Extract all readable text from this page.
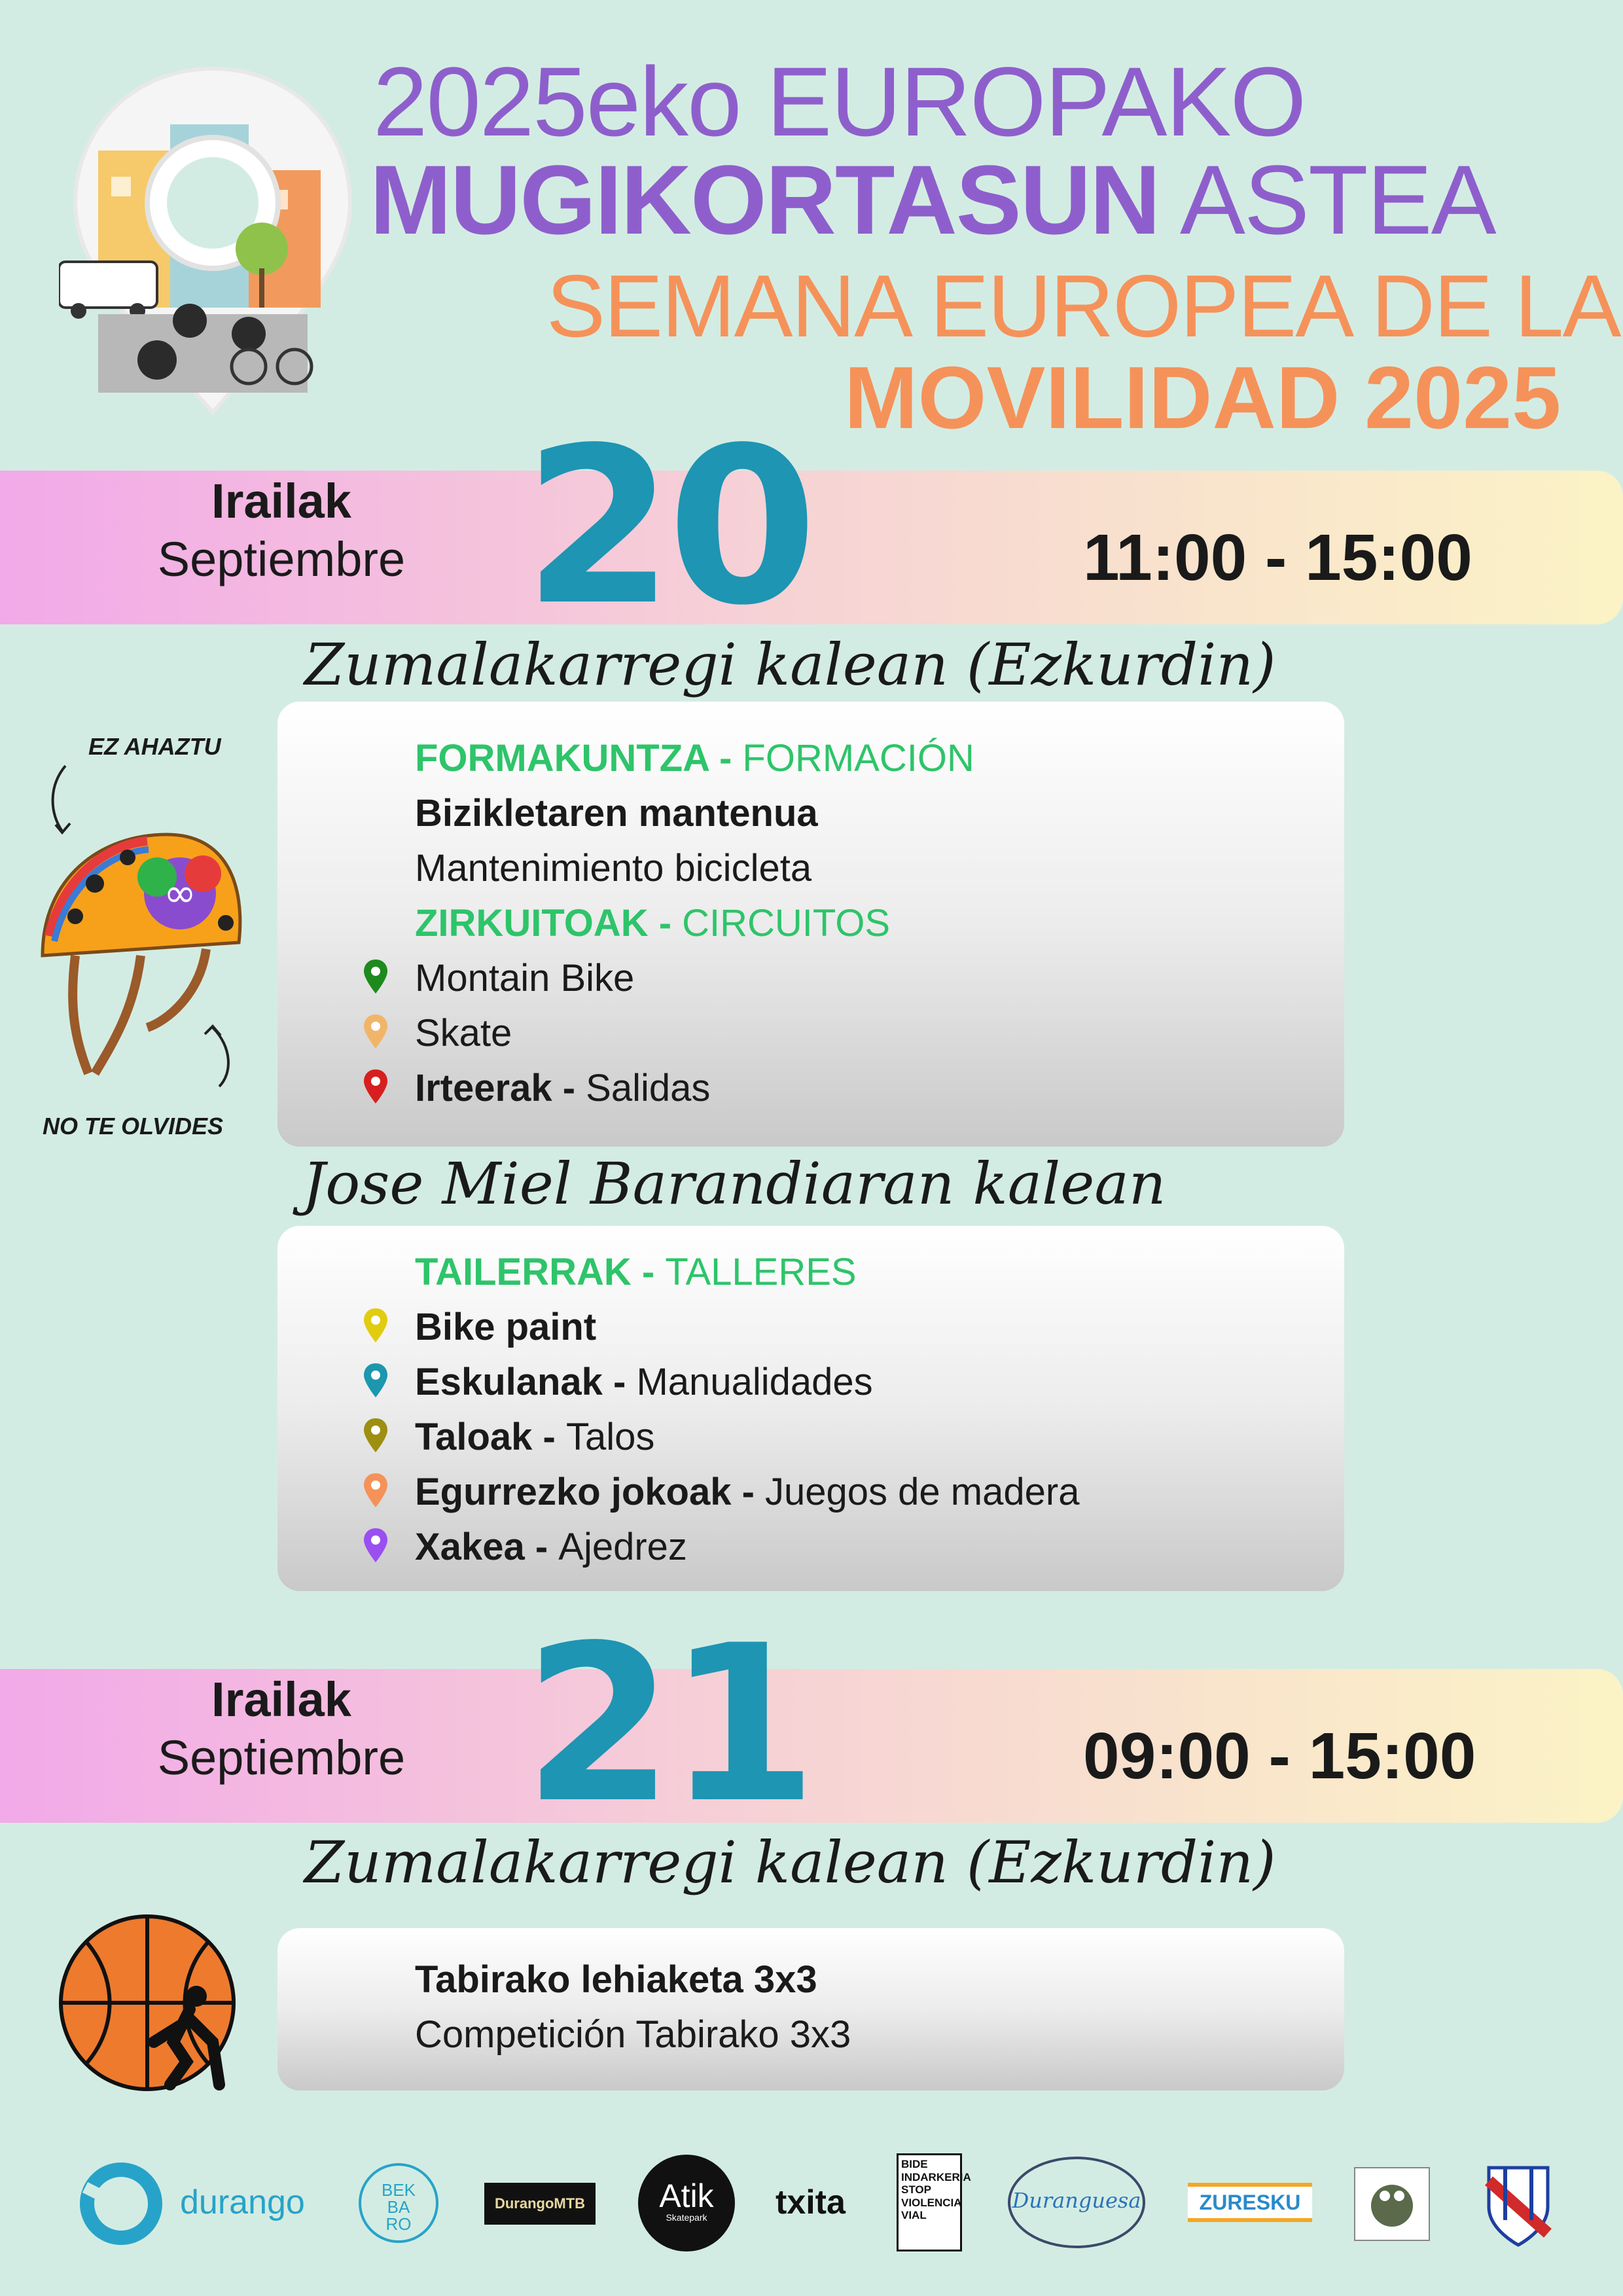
2025eko EUROPAKO
MUGIKORTASUN ASTEA
SEMANA EUROPEA DE LA
MOVILIDAD 2025
Irailak
Septiembre 20	11:00 - 15:00
Zumalakarregi kalean (Ezkurdin)
EZ AHAZTU
∞
NO TE OLVIDES
FORMAKUNTZA - FORMACIÓN
Bizikletaren mantenua
Mantenimiento bicicleta
ZIRKUITOAK - CIRCUITOS
Montain Bike
Skate
Irteerak - Salidas
Jose Miel Barandiaran kalean
TAILERRAK - TALLERES
Bike paint
Eskulanak - Manualidades
Taloak - Talos
Egurrezko jokoak - Juegos de madera
Xakea - Ajedrez
Irailak
Septiembre 21	09:00 - 15:00
Zumalakarregi kalean (Ezkurdin)
Tabirako lehiaketa 3x3
Competición Tabirako 3x3
durango	BEK BA RO
DurangoMTB	Atik
Skatepark	txita
BIDE INDARKERIA STOP VIOLENCIA VIAL
Duranguesa	ZURESKU
